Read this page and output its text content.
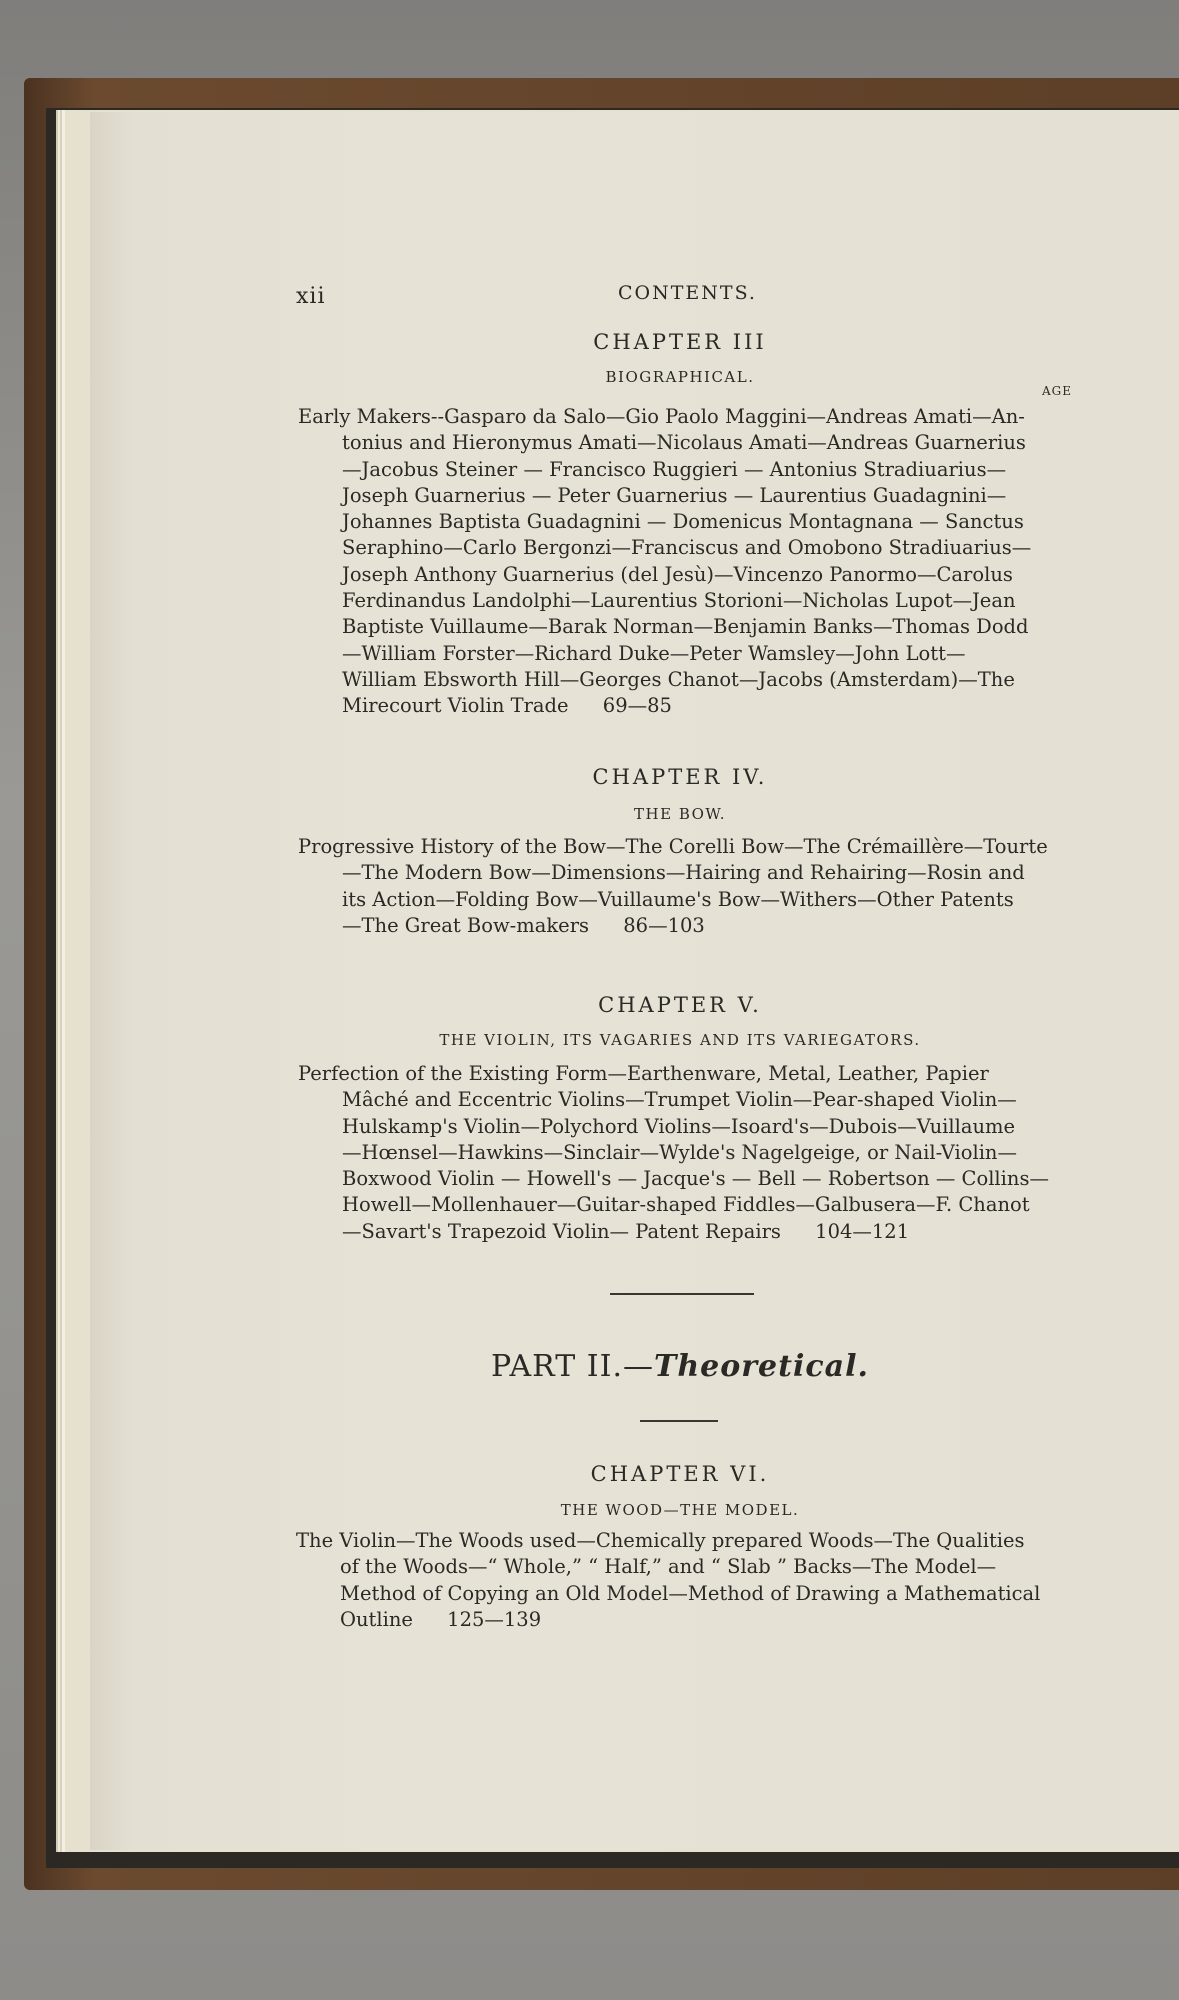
xii	CONTENTS.
CHAPTER III
BIOGRAPHICAL.
AGE
Early Makers--Gasparo da Salo—Gio Paolo Maggini—Andreas Amati—An-
tonius and Hieronymus Amati—Nicolaus Amati—Andreas Guarnerius
—Jacobus Steiner — Francisco Ruggieri — Antonius Stradiuarius—
Joseph Guarnerius — Peter Guarnerius — Laurentius Guadagnini—
Johannes Baptista Guadagnini — Domenicus Montagnana — Sanctus
Seraphino—Carlo Bergonzi—Franciscus and Omobono Stradiuarius—
Joseph Anthony Guarnerius (del Jesù)—Vincenzo Panormo—Carolus
Ferdinandus Landolphi—Laurentius Storioni—Nicholas Lupot—Jean
Baptiste Vuillaume—Barak Norman—Benjamin Banks—Thomas Dodd
—William Forster—Richard Duke—Peter Wamsley—John Lott—
William Ebsworth Hill—Georges Chanot—Jacobs (Amsterdam)—The
Mirecourt Violin Trade 69—85
CHAPTER IV.
THE BOW.
Progressive History of the Bow—The Corelli Bow—The Crémaillère—Tourte
—The Modern Bow—Dimensions—Hairing and Rehairing—Rosin and
its Action—Folding Bow—Vuillaume's Bow—Withers—Other Patents
—The Great Bow-makers 86—103
CHAPTER V.
THE VIOLIN, ITS VAGARIES AND ITS VARIEGATORS.
Perfection of the Existing Form—Earthenware, Metal, Leather, Papier
Mâché and Eccentric Violins—Trumpet Violin—Pear-shaped Violin—
Hulskamp's Violin—Polychord Violins—Isoard's—Dubois—Vuillaume
—Hœnsel—Hawkins—Sinclair—Wylde's Nagelgeige, or Nail-Violin—
Boxwood Violin — Howell's — Jacque's — Bell — Robertson — Collins—
Howell—Mollenhauer—Guitar-shaped Fiddles—Galbusera—F. Chanot
—Savart's Trapezoid Violin— Patent Repairs 104—121
PART II.—Theoretical.
CHAPTER VI.
THE WOOD—THE MODEL.
The Violin—The Woods used—Chemically prepared Woods—The Qualities
of the Woods—“ Whole,” “ Half,” and “ Slab ” Backs—The Model—
Method of Copying an Old Model—Method of Drawing a Mathematical
Outline 125—139
